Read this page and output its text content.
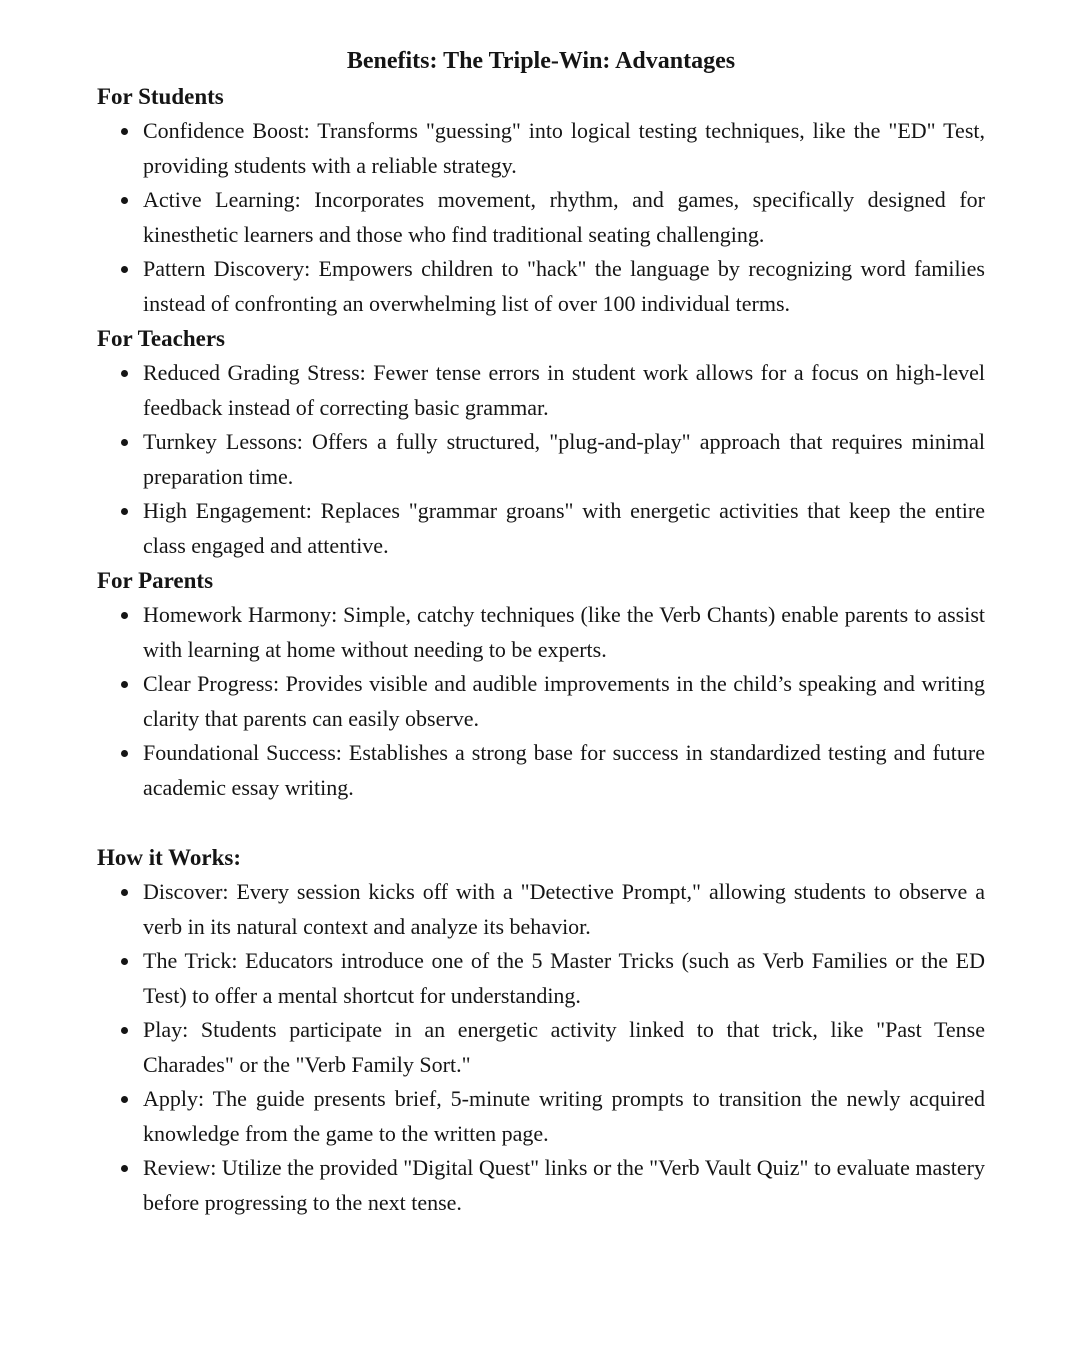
Benefits: The Triple-Win: Advantages
For Students
• Confidence Boost: Transforms "guessing" into logical testing techniques, like the "ED" Test, providing students with a reliable strategy.
• Active Learning: Incorporates movement, rhythm, and games, specifically designed for kinesthetic learners and those who find traditional seating challenging.
• Pattern Discovery: Empowers children to "hack" the language by recognizing word families instead of confronting an overwhelming list of over 100 individual terms.
For Teachers
• Reduced Grading Stress: Fewer tense errors in student work allows for a focus on high-level feedback instead of correcting basic grammar.
• Turnkey Lessons: Offers a fully structured, "plug-and-play" approach that requires minimal preparation time.
• High Engagement: Replaces "grammar groans" with energetic activities that keep the entire class engaged and attentive.
For Parents
• Homework Harmony: Simple, catchy techniques (like the Verb Chants) enable parents to assist with learning at home without needing to be experts.
• Clear Progress: Provides visible and audible improvements in the child’s speaking and writing clarity that parents can easily observe.
• Foundational Success: Establishes a strong base for success in standardized testing and future academic essay writing.
How it Works:
• Discover: Every session kicks off with a "Detective Prompt," allowing students to observe a verb in its natural context and analyze its behavior.
• The Trick: Educators introduce one of the 5 Master Tricks (such as Verb Families or the ED Test) to offer a mental shortcut for understanding.
• Play: Students participate in an energetic activity linked to that trick, like "Past Tense Charades" or the "Verb Family Sort."
• Apply: The guide presents brief, 5-minute writing prompts to transition the newly acquired knowledge from the game to the written page.
• Review: Utilize the provided "Digital Quest" links or the "Verb Vault Quiz" to evaluate mastery before progressing to the next tense.
